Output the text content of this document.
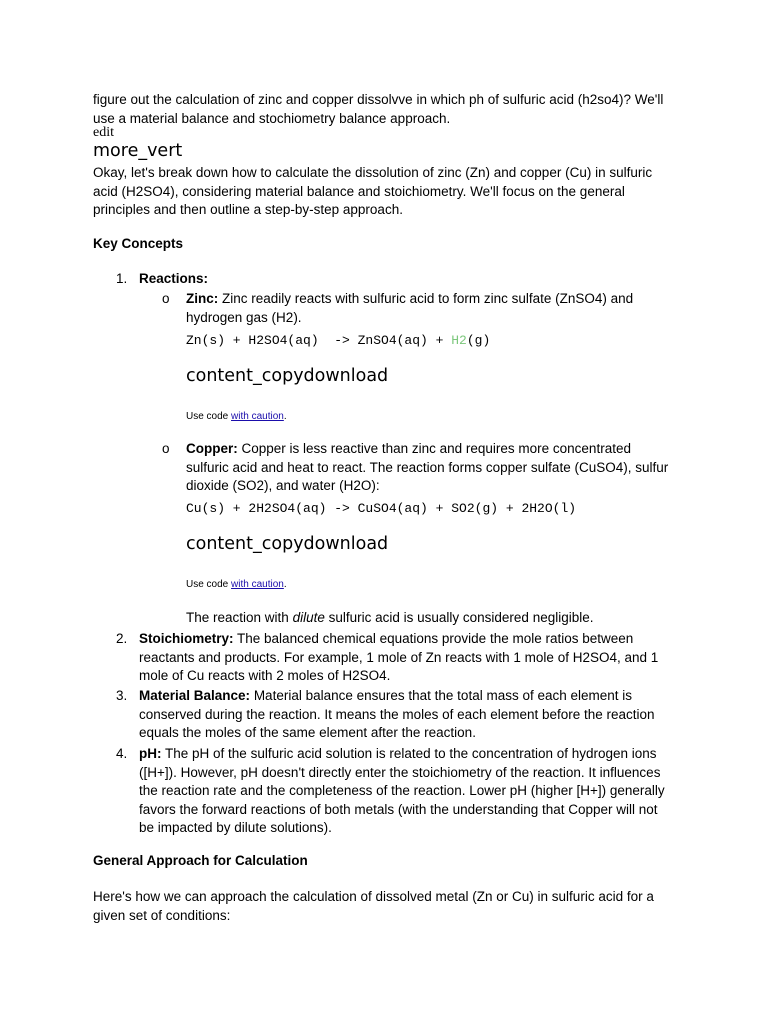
figure out the calculation of zinc and copper dissolvve in which ph of sulfuric acid (h2so4)? We'll
use a material balance and stochiometry balance approach.
edit
more_vert
Okay, let's break down how to calculate the dissolution of zinc (Zn) and copper (Cu) in sulfuric
acid (H2SO4), considering material balance and stoichiometry. We'll focus on the general
principles and then outline a step-by-step approach.
Key Concepts
1. Reactions:
o Zinc: Zinc readily reacts with sulfuric acid to form zinc sulfate (ZnSO4) and
hydrogen gas (H2).
Zn(s) + H2SO4(aq)  -> ZnSO4(aq) + H2(g)
content_copydownload
Use code with caution.
o Copper: Copper is less reactive than zinc and requires more concentrated
sulfuric acid and heat to react. The reaction forms copper sulfate (CuSO4), sulfur
dioxide (SO2), and water (H2O):
Cu(s) + 2H2SO4(aq) -> CuSO4(aq) + SO2(g) + 2H2O(l)
content_copydownload
Use code with caution.
The reaction with dilute sulfuric acid is usually considered negligible.
2. Stoichiometry: The balanced chemical equations provide the mole ratios between
reactants and products. For example, 1 mole of Zn reacts with 1 mole of H2SO4, and 1
mole of Cu reacts with 2 moles of H2SO4.
3. Material Balance: Material balance ensures that the total mass of each element is
conserved during the reaction. It means the moles of each element before the reaction
equals the moles of the same element after the reaction.
4. pH: The pH of the sulfuric acid solution is related to the concentration of hydrogen ions
([H+]). However, pH doesn't directly enter the stoichiometry of the reaction. It influences
the reaction rate and the completeness of the reaction. Lower pH (higher [H+]) generally
favors the forward reactions of both metals (with the understanding that Copper will not
be impacted by dilute solutions).
General Approach for Calculation
Here's how we can approach the calculation of dissolved metal (Zn or Cu) in sulfuric acid for a
given set of conditions:
